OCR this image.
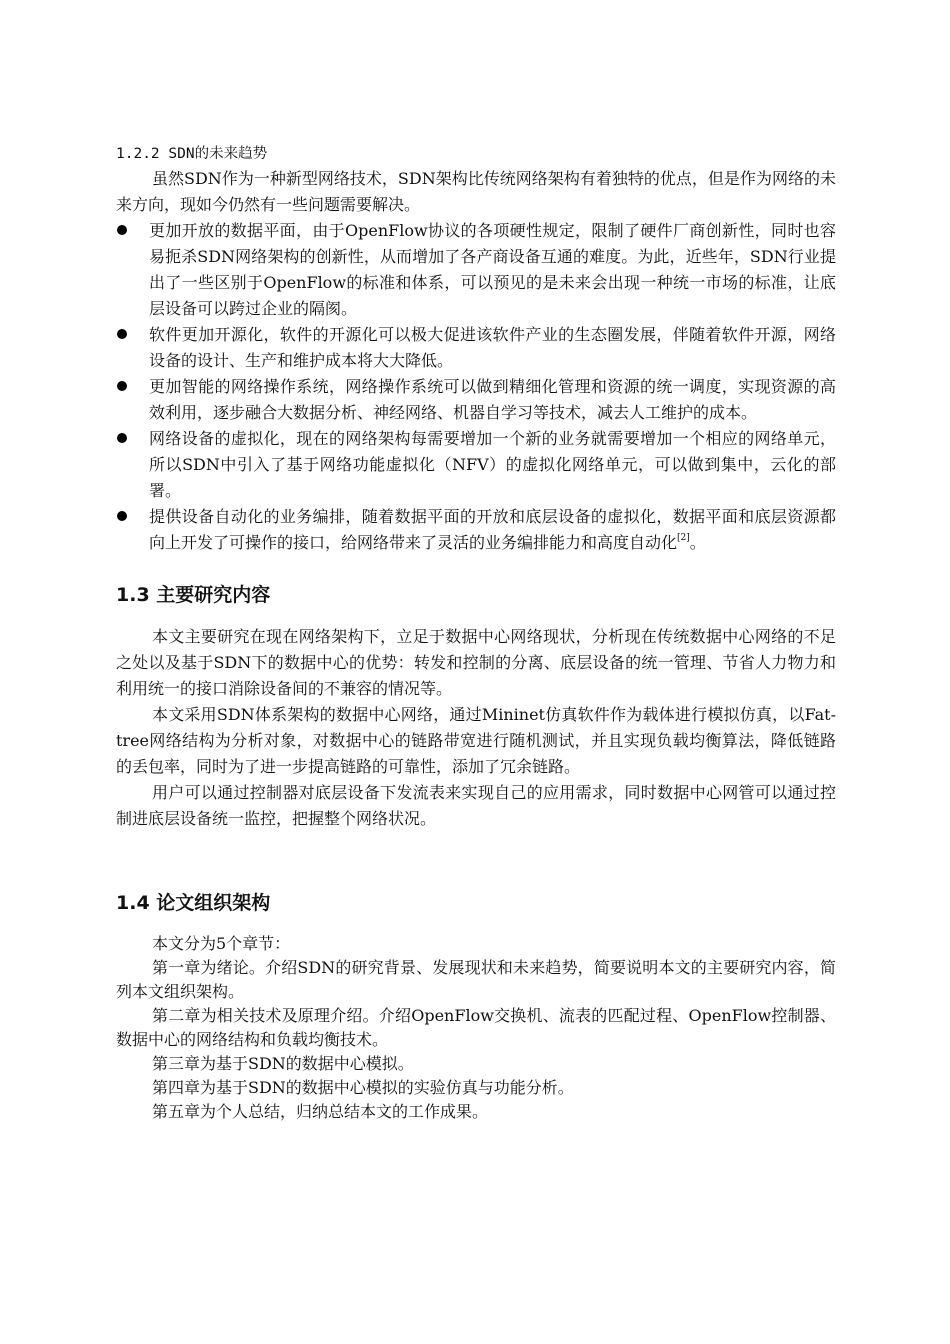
1.2.2 SDN的未来趋势

虽然SDN作为一种新型网络技术，SDN架构比传统网络架构有着独特的优点，但是作为网络的未来方向，现如今仍然有一些问题需要解决。

更加开放的数据平面，由于OpenFlow协议的各项硬性规定，限制了硬件厂商创新性，同时也容易扼杀SDN网络架构的创新性，从而增加了各产商设备互通的难度。为此，近些年，SDN行业提出了一些区别于OpenFlow的标准和体系，可以预见的是未来会出现一种统一市场的标准，让底层设备可以跨过企业的隔阂。
软件更加开源化，软件的开源化可以极大促进该软件产业的生态圈发展，伴随着软件开源，网络设备的设计、生产和维护成本将大大降低。
更加智能的网络操作系统，网络操作系统可以做到精细化管理和资源的统一调度，实现资源的高效利用，逐步融合大数据分析、神经网络、机器自学习等技术，减去人工维护的成本。
网络设备的虚拟化，现在的网络架构每需要增加一个新的业务就需要增加一个相应的网络单元，所以SDN中引入了基于网络功能虚拟化（NFV）的虚拟化网络单元，可以做到集中，云化的部署。
提供设备自动化的业务编排，随着数据平面的开放和底层设备的虚拟化，数据平面和底层资源都向上开发了可操作的接口，给网络带来了灵活的业务编排能力和高度自动化[2]。
1.3 主要研究内容

本文主要研究在现在网络架构下，立足于数据中心网络现状，分析现在传统数据中心网络的不足之处以及基于SDN下的数据中心的优势：转发和控制的分离、底层设备的统一管理、节省人力物力和利用统一的接口消除设备间的不兼容的情况等。

本文采用SDN体系架构的数据中心网络，通过Mininet仿真软件作为载体进行模拟仿真，以Fat-tree网络结构为分析对象，对数据中心的链路带宽进行随机测试，并且实现负载均衡算法，降低链路的丢包率，同时为了进一步提高链路的可靠性，添加了冗余链路。

用户可以通过控制器对底层设备下发流表来实现自己的应用需求，同时数据中心网管可以通过控制进底层设备统一监控，把握整个网络状况。

1.4 论文组织架构

本文分为5个章节：

第一章为绪论。介绍SDN的研究背景、发展现状和未来趋势，简要说明本文的主要研究内容，简列本文组织架构。

第二章为相关技术及原理介绍。介绍OpenFlow交换机、流表的匹配过程、OpenFlow控制器、数据中心的网络结构和负载均衡技术。

第三章为基于SDN的数据中心模拟。

第四章为基于SDN的数据中心模拟的实验仿真与功能分析。

第五章为个人总结，归纳总结本文的工作成果。
